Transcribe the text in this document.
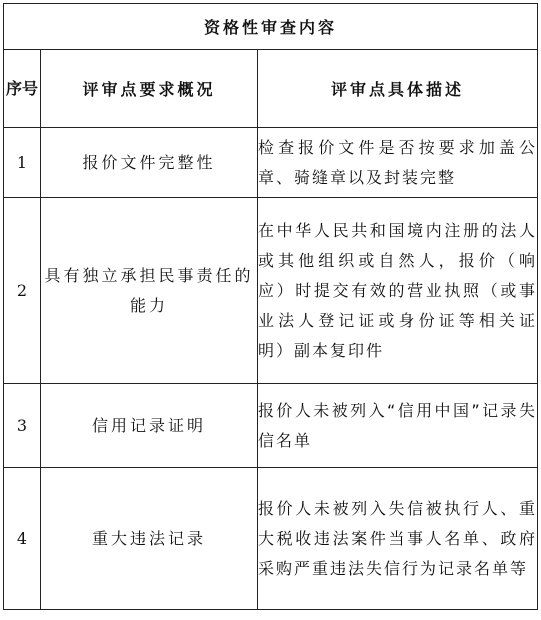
资格性审查内容		
序号	评审点要求概况	评审点具体描述
1	报价文件完整性	检查报价文件是否按要求加盖公章、骑缝章以及封装完整
2	具有独立承担民事责任的能力	在中华人民共和国境内注册的法人或其他组织或自然人，报价（响应）时提交有效的营业执照（或事业法人登记证或身份证等相关证明）副本复印件
3	信用记录证明	报价人未被列入“信用中国”记录失信名单
4	重大违法记录	报价人未被列入失信被执行人、重大税收违法案件当事人名单、政府采购严重违法失信行为记录名单等
